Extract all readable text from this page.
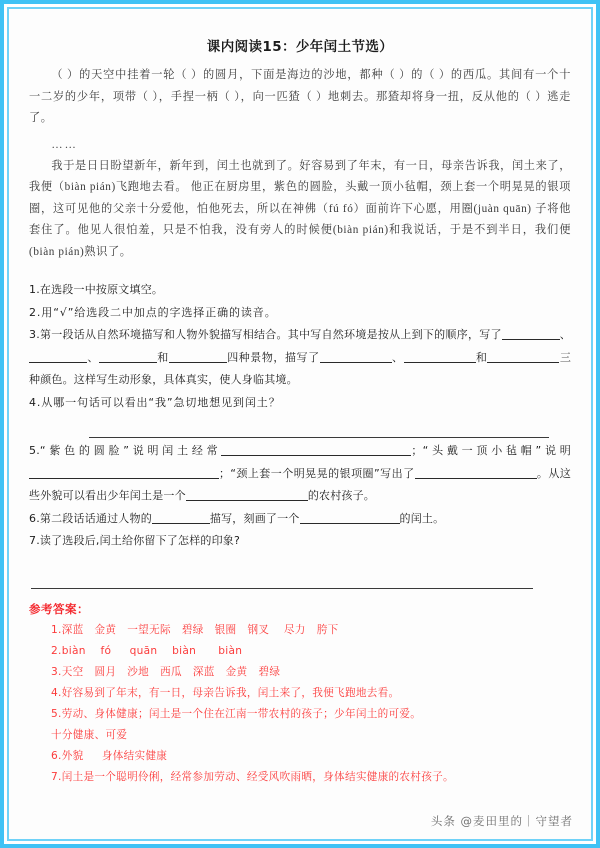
课内阅读15：少年闰土节选）

（ ）的天空中挂着一轮（ ）的圆月，下面是海边的沙地，都种（ ）的（ ）的西瓜。其间有一个十一二岁的少年，项带（ ），手捏一柄（ ），向一匹猹（ ）地刺去。那猹却将身一扭，反从他的（ ）逃走了。

……

我于是日日盼望新年，新年到，闰土也就到了。好容易到了年末，有一日，母亲告诉我，闰土来了，我便（biàn pián)飞跑地去看。 他正在厨房里，紫色的圆脸，头戴一顶小毡帽，颈上套一个明晃晃的银项圈，这可见他的父亲十分爱他，怕他死去，所以在神佛（fú fó）面前许下心愿，用圈(juàn quān) 子将他套住了。他见人很怕羞，只是不怕我，没有旁人的时候便(biàn pián)和我说话，于是不到半日，我们便(biàn pián)熟识了。

1.在选段一中按原文填空。

2.用“√”给选段二中加点的字选择正确的读音。

3.第一段话从自然环境描写和人物外貌描写相结合。其中写自然环境是按从上到下的顺序，写了	、、	和	四种景物，描写了	、	和	三种颜色。这样写生动形象，具体真实，使人身临其境。

4.从哪一句话可以看出“我”急切地想见到闰土？

5.“紫色的圆脸”说明闰土经常	；“头戴一顶小毡帽”说明；“颈上套一个明晃晃的银项圈”写出了	。从这些外貌可以看出少年闰土是一个	的农村孩子。

6.第二段话话通过人物的	描写，刻画了一个	的闰土。

7.读了选段后,闰土给你留下了怎样的印象?

参考答案：

1.深蓝   金黄   一望无际   碧绿   银圈   钢叉    尽力   胯下

2.biàn    fó     quān    biàn      biàn

3.天空   圆月   沙地   西瓜   深蓝   金黄   碧绿

4.好容易到了年末，有一日，母亲告诉我，闰土来了，我便飞跑地去看。

5.劳动、身体健康；闰土是一个住在江南一带农村的孩子；少年闰土的可爱。

十分健康、可爱

6.外貌     身体结实健康

7.闰土是一个聪明伶俐，经常参加劳动、经受风吹雨晒，身体结实健康的农村孩子。

头条 @麦田里的｜守望者
